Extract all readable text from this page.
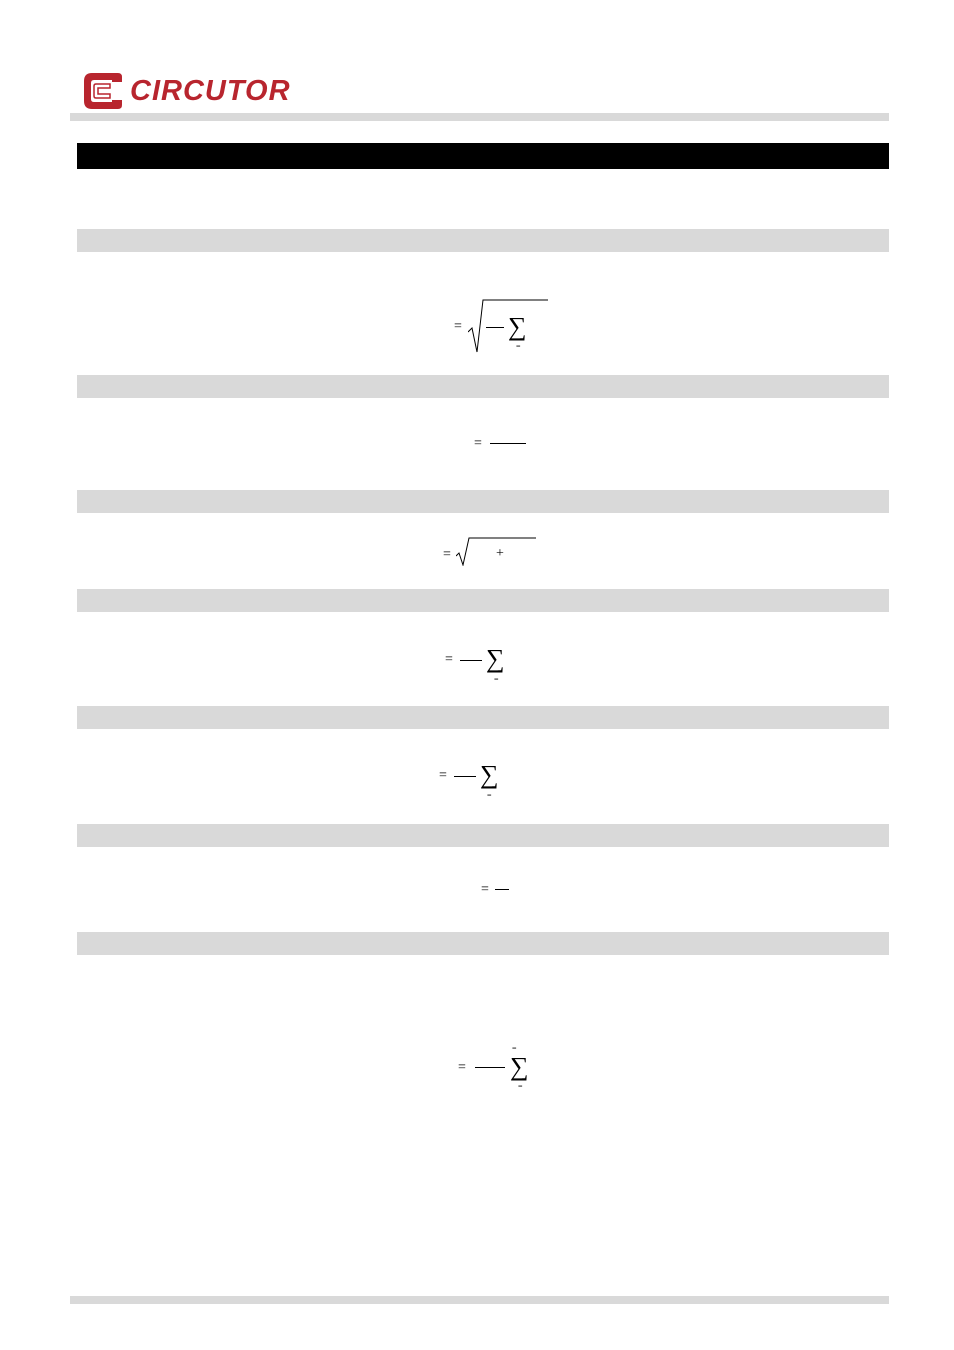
CIRCUTOR
= ∑
=
=
=	+
= ∑
=
= ∑
=
=
=
= ∑
=
